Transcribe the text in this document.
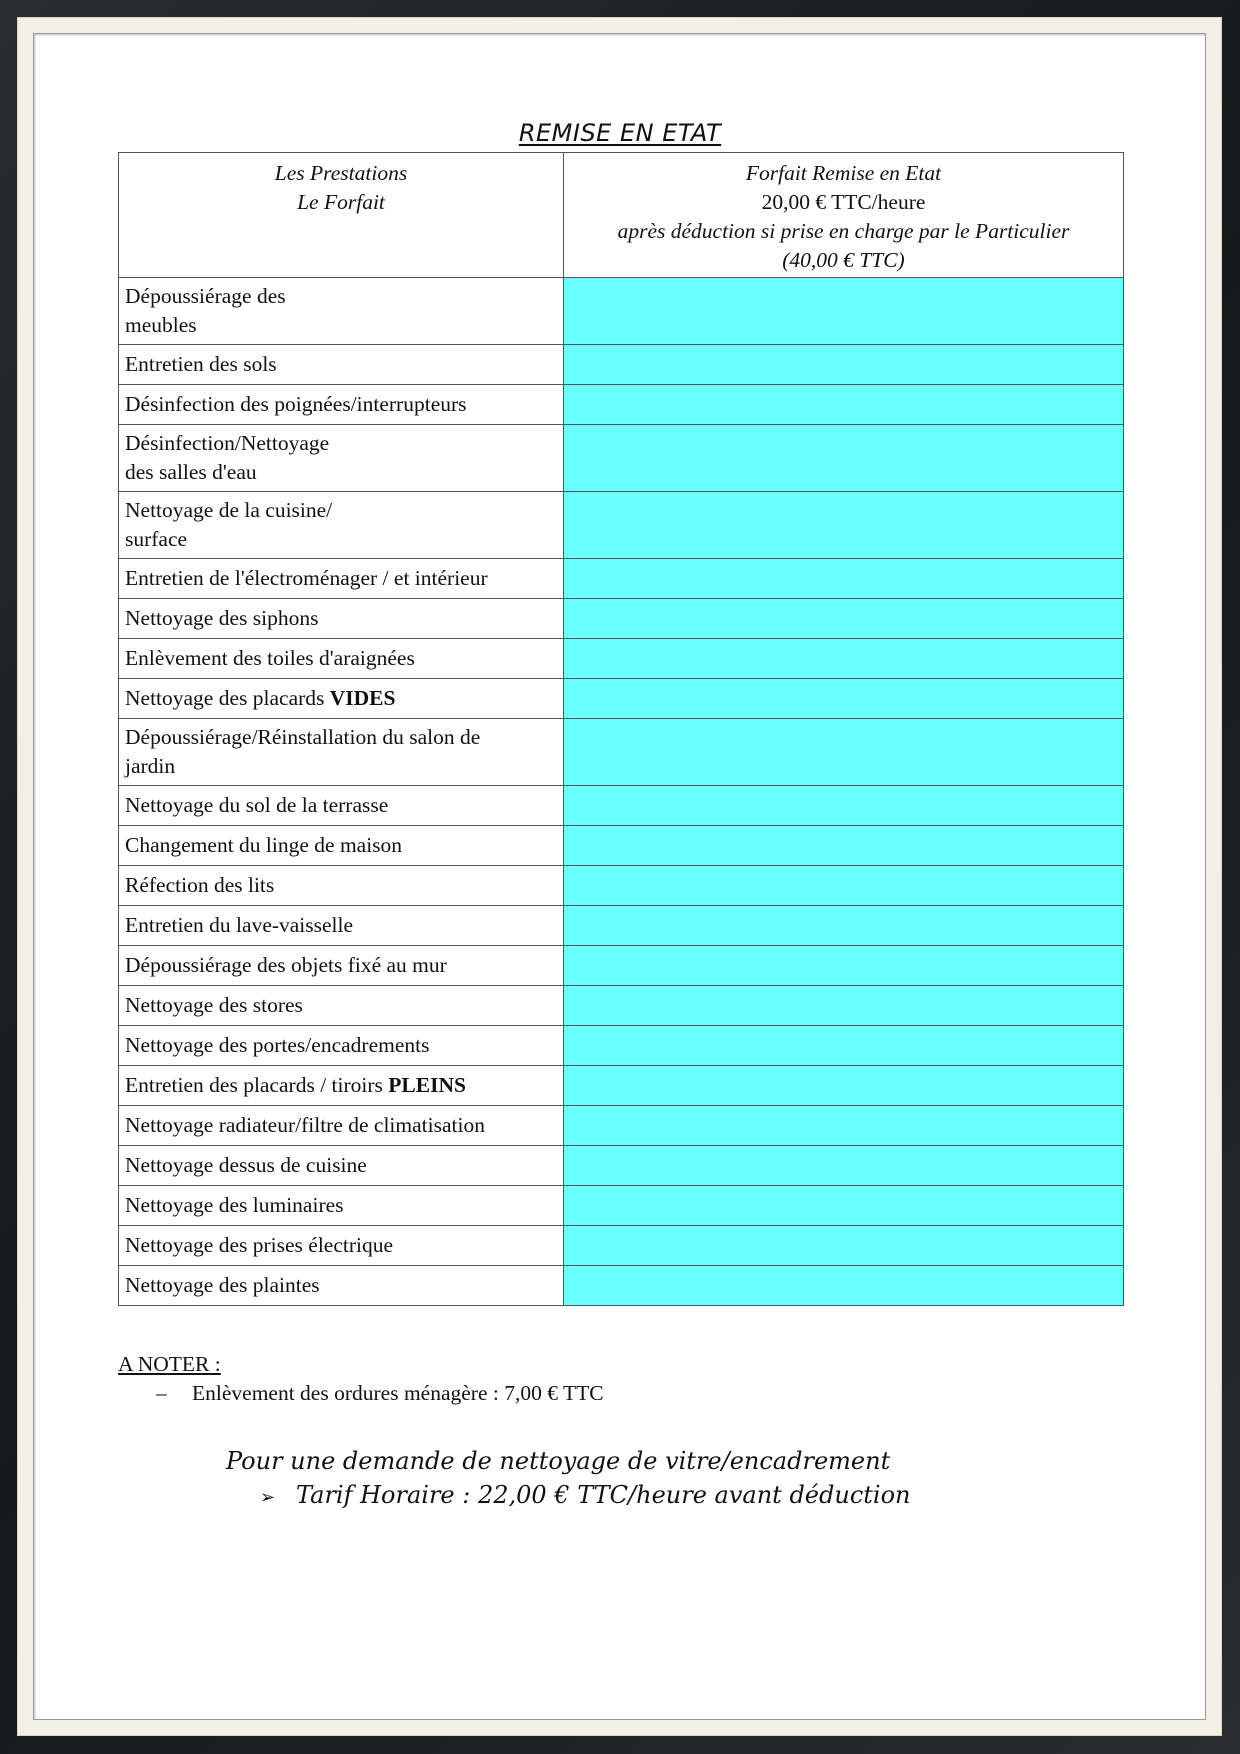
REMISE EN ETAT
Les Prestations
Le Forfait

Forfait Remise en Etat
20,00 € TTC/heure
après déduction si prise en charge par le Particulier
(40,00 € TTC)

Dépoussiérage des
meubles	
Entretien des sols	
Désinfection des poignées/interrupteurs	
Désinfection/Nettoyage
des salles d'eau	
Nettoyage de la cuisine/
surface	
Entretien de l'électroménager / et intérieur	
Nettoyage des siphons	
Enlèvement des toiles d'araignées	
Nettoyage des placards VIDES	
Dépoussiérage/Réinstallation du salon de
jardin	
Nettoyage du sol de la terrasse	
Changement du linge de maison	
Réfection des lits	
Entretien du lave-vaisselle	
Dépoussiérage des objets fixé au mur	
Nettoyage des stores	
Nettoyage des portes/encadrements	
Entretien des placards / tiroirs PLEINS	
Nettoyage radiateur/filtre de climatisation	
Nettoyage dessus de cuisine	
Nettoyage des luminaires	
Nettoyage des prises électrique	
Nettoyage des plaintes	
A NOTER :
– Enlèvement des ordures ménagère : 7,00 € TTC
Pour une demande de nettoyage de vitre/encadrement
➢ Tarif Horaire : 22,00 € TTC/heure avant déduction
